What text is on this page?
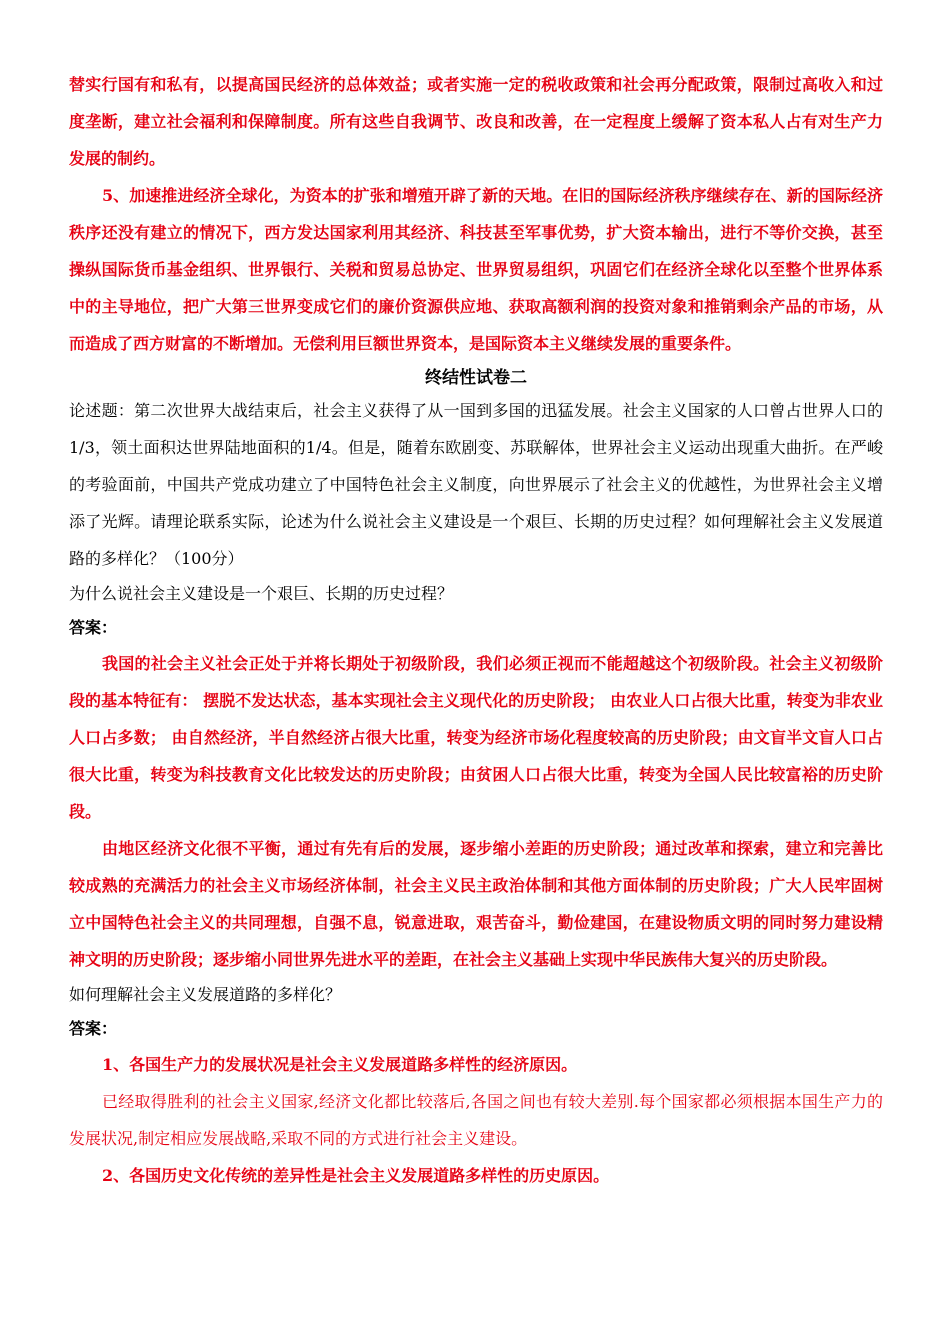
替实行国有和私有，以提高国民经济的总体效益；或者实施一定的税收政策和社会再分配政策，限制过高收入和过度垄断，建立社会福利和保障制度。所有这些自我调节、改良和改善，在一定程度上缓解了资本私人占有对生产力发展的制约。

5、加速推进经济全球化，为资本的扩张和增殖开辟了新的天地。在旧的国际经济秩序继续存在、新的国际经济秩序还没有建立的情况下，西方发达国家利用其经济、科技甚至军事优势，扩大资本输出，进行不等价交换，甚至操纵国际货币基金组织、世界银行、关税和贸易总协定、世界贸易组织，巩固它们在经济全球化以至整个世界体系中的主导地位，把广大第三世界变成它们的廉价资源供应地、获取高额利润的投资对象和推销剩余产品的市场，从而造成了西方财富的不断增加。无偿利用巨额世界资本，是国际资本主义继续发展的重要条件。

终结性试卷二

论述题：第二次世界大战结束后，社会主义获得了从一国到多国的迅猛发展。社会主义国家的人口曾占世界人口的1/3，领土面积达世界陆地面积的1/4。但是，随着东欧剧变、苏联解体，世界社会主义运动出现重大曲折。在严峻的考验面前，中国共产党成功建立了中国特色社会主义制度，向世界展示了社会主义的优越性，为世界社会主义增添了光辉。请理论联系实际，论述为什么说社会主义建设是一个艰巨、长期的历史过程？如何理解社会主义发展道路的多样化？（100分）

为什么说社会主义建设是一个艰巨、长期的历史过程？

答案：

我国的社会主义社会正处于并将长期处于初级阶段，我们必须正视而不能超越这个初级阶段。社会主义初级阶段的基本特征有： 摆脱不发达状态，基本实现社会主义现代化的历史阶段； 由农业人口占很大比重，转变为非农业人口占多数； 由自然经济，半自然经济占很大比重，转变为经济市场化程度较高的历史阶段；由文盲半文盲人口占很大比重，转变为科技教育文化比较发达的历史阶段；由贫困人口占很大比重，转变为全国人民比较富裕的历史阶段。

由地区经济文化很不平衡，通过有先有后的发展，逐步缩小差距的历史阶段；通过改革和探索，建立和完善比较成熟的充满活力的社会主义市场经济体制，社会主义民主政治体制和其他方面体制的历史阶段；广大人民牢固树立中国特色社会主义的共同理想，自强不息，锐意进取，艰苦奋斗，勤俭建国，在建设物质文明的同时努力建设精神文明的历史阶段；逐步缩小同世界先进水平的差距，在社会主义基础上实现中华民族伟大复兴的历史阶段。

如何理解社会主义发展道路的多样化？

答案：

1、各国生产力的发展状况是社会主义发展道路多样性的经济原因。

已经取得胜利的社会主义国家,经济文化都比较落后,各国之间也有较大差别.每个国家都必须根据本国生产力的发展状况,制定相应发展战略,采取不同的方式进行社会主义建设。

2、各国历史文化传统的差异性是社会主义发展道路多样性的历史原因。
